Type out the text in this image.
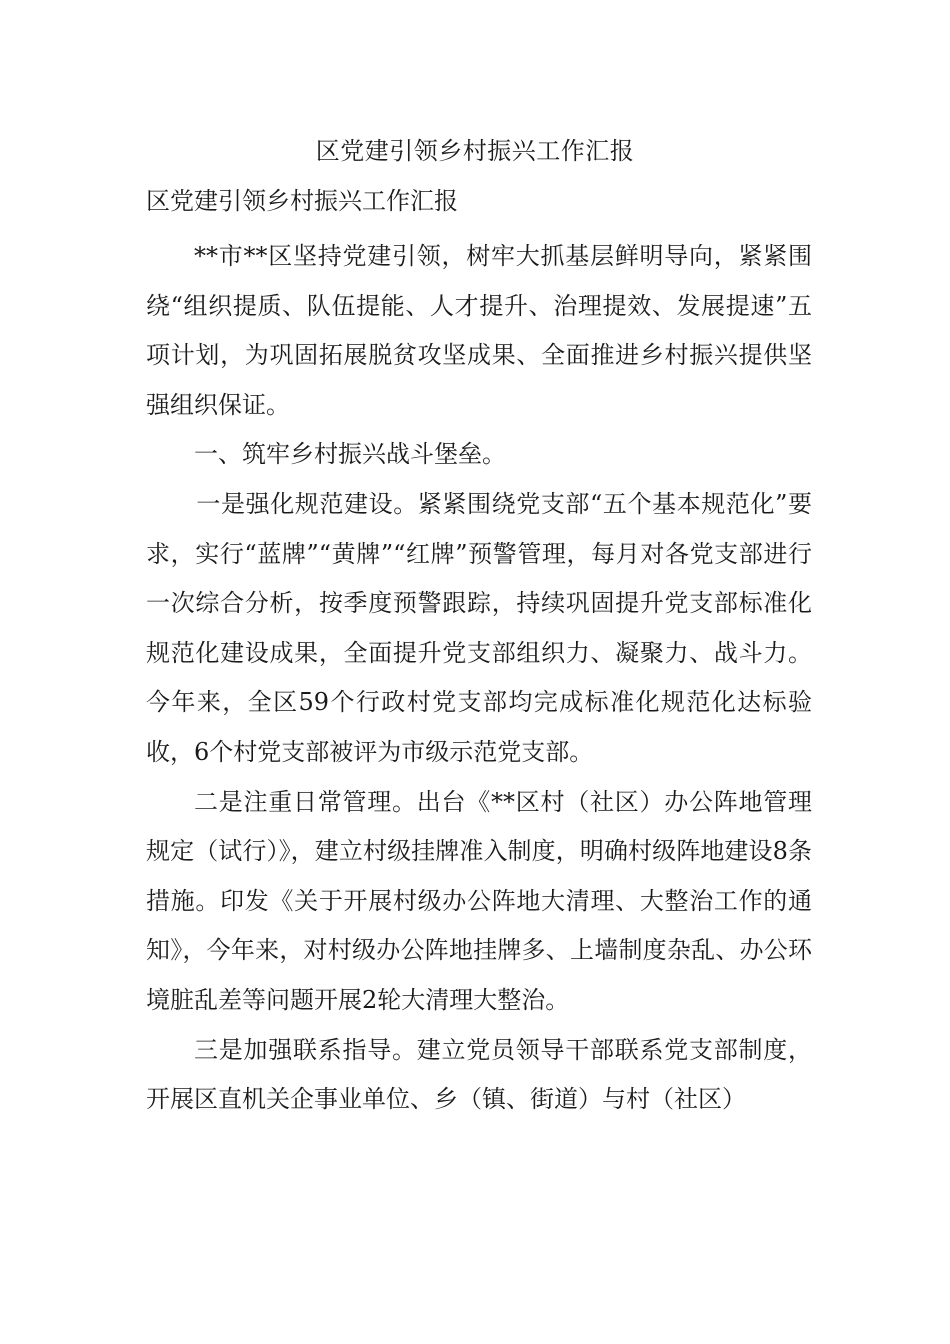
区党建引领乡村振兴工作汇报
区党建引领乡村振兴工作汇报

**市**区坚持党建引领，树牢大抓基层鲜明导向，紧紧围绕“组织提质、队伍提能、人才提升、治理提效、发展提速”五项计划，为巩固拓展脱贫攻坚成果、全面推进乡村振兴提供坚强组织保证。

一、筑牢乡村振兴战斗堡垒。

一是强化规范建设。紧紧围绕党支部“五个基本规范化”要求，实行“蓝牌”“黄牌”“红牌”预警管理，每月对各党支部进行一次综合分析，按季度预警跟踪，持续巩固提升党支部标准化规范化建设成果，全面提升党支部组织力、凝聚力、战斗力。今年来，全区59个行政村党支部均完成标准化规范化达标验收，6个村党支部被评为市级示范党支部。

二是注重日常管理。出台《**区村（社区）办公阵地管理规定（试行）》，建立村级挂牌准入制度，明确村级阵地建设8条措施。印发《关于开展村级办公阵地大清理、大整治工作的通知》，今年来，对村级办公阵地挂牌多、上墙制度杂乱、办公环境脏乱差等问题开展2轮大清理大整治。

三是加强联系指导。建立党员领导干部联系党支部制度，开展区直机关企事业单位、乡（镇、街道）与村（社区）
